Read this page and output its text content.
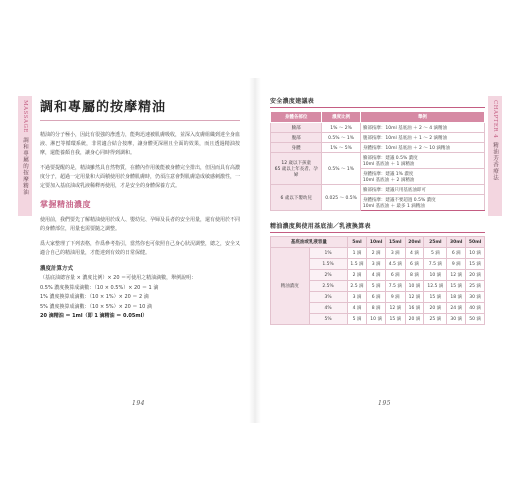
MASSAGE
調和專屬的按摩精油
CHAPTER 4
精油芳香療法
調和專屬的按摩精油

精油的分子極小，因此有很強的滲透力，能夠迅速被肌膚吸收，並深入皮膚組織到達全身血液、淋巴等循環系統，非常適合結合按摩，讓身體更深層且全面的效果，而且透過精油按摩，還能養顏自我，讓身心同時得到調和。

不過要提醒的是，精油雖然具自然物質，在體內作用後能被身體完全排出，但因而具有高濃度分子，超過一定用量和大面積使用於身體肌膚時，仍須注意會對肌膚造成敏感刺激性，一定要加入基底油或乳液稀釋再使用，才是安全的身體保養方式。

掌握精油濃度

使用前，我們要先了解精油使用於成人、嬰幼兒、孕婦及長者的安全用量，還有使用於不同的身體部位，用量也需要隨之調整。

爲大家整理了下列表格，作爲參考指引，當然你也可依照自己身心狀況調整，總之，安全又適合自己的精油用量，才能達到有效的日常保健。

濃度計算方式
（基底油總容量 × 濃度比例）× 20 ＝可使用之精油滴數，舉例說明：
0.5% 濃度換算成滴數：（10 × 0.5%）× 20 ＝ 1 滴
1% 濃度換算成滴數：（10 × 1%）× 20 ＝ 2 滴
5% 濃度換算成滴數：（10 × 5%）× 20 ＝ 10 滴
20 滴精油 ＝ 1ml（即 1 滴精油 ＝ 0.05ml）
194
安全濃度建議表
身體各部位	濃度比例	舉例
臉部	1% ～ 2%	臉部按摩：10ml 基底油 ＋ 2 ～ 4 滴精油
腹部	0.5% ～ 1%	腹部按摩：10ml 基底油 ＋ 1 ～ 2 滴精油
身體	1% ～ 5%	身體按摩：10ml 基底油 ＋ 2 ～ 10 滴精油
12 歲以下孩童
65 歲以上年長者、孕婦	0.5% ～ 1%	臉部按摩：建議 0.5% 濃度
10ml 基底油 ＋ 1 滴精油
		身體按摩：建議 1% 濃度
10ml 基底油 ＋ 2 滴精油
6 歲以下嬰幼兒	0.025 ～ 0.5%	臉部按摩：建議只用基底油即可
		身體按摩：建議不要超過 0.5% 濃度
10ml 基底油 ＋ 最多 1 滴精油
精油濃度與使用基底油／乳液換算表
基底油或乳液容量		5ml	10ml	15ml	20ml	25ml	30ml	50ml
精油濃度	1%	1 滴	2 滴	3 滴	4 滴	5 滴	6 滴	10 滴
	1.5%	1.5 滴	3 滴	4.5 滴	6 滴	7.5 滴	9 滴	15 滴
	2%	2 滴	4 滴	6 滴	8 滴	10 滴	12 滴	20 滴
	2.5%	2.5 滴	5 滴	7.5 滴	10 滴	12.5 滴	15 滴	25 滴
	3%	3 滴	6 滴	9 滴	12 滴	15 滴	18 滴	30 滴
	4%	4 滴	8 滴	12 滴	16 滴	20 滴	24 滴	40 滴
	5%	5 滴	10 滴	15 滴	20 滴	25 滴	30 滴	50 滴
195
